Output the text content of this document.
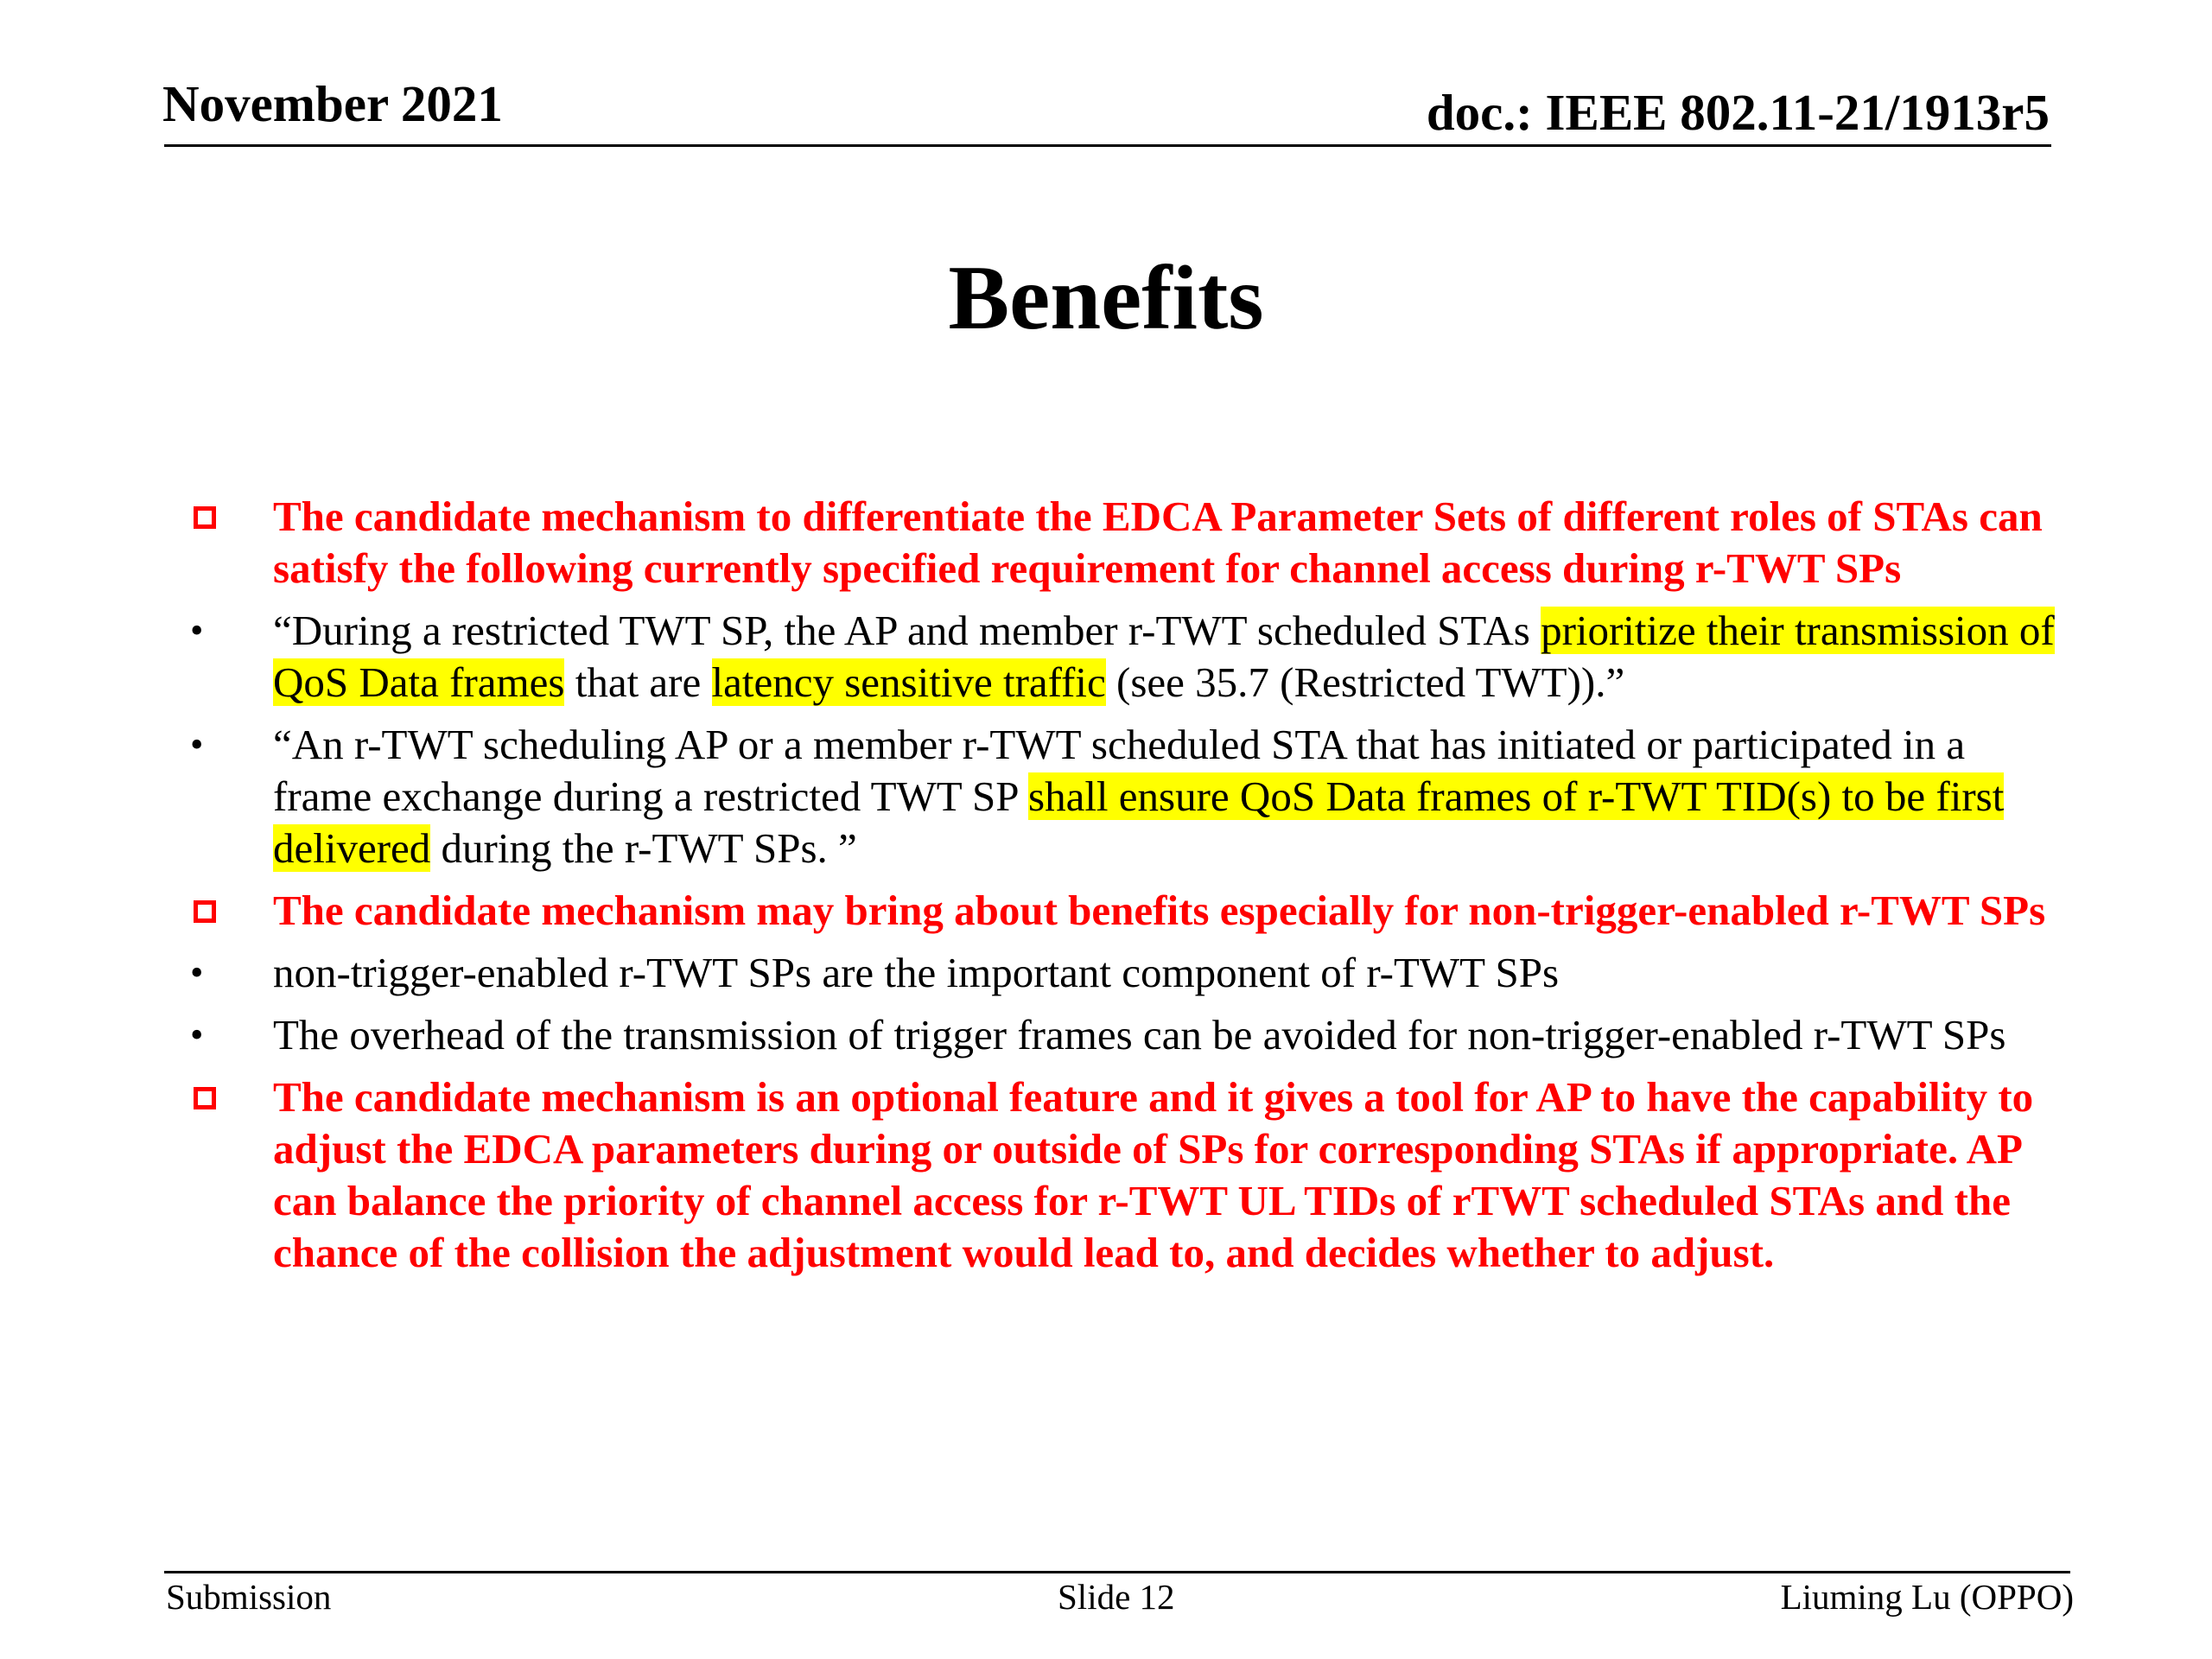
November 2021	doc.: IEEE 802.11-21/1913r5
Benefits
The candidate mechanism to differentiate the EDCA Parameter Sets of different roles of STAs can satisfy the following currently specified requirement for channel access during r-TWT SPs
• “During a restricted TWT SP, the AP and member r-TWT scheduled STAs prioritize their transmission of QoS Data frames that are latency sensitive traffic (see 35.7 (Restricted TWT)).”
• “An r-TWT scheduling AP or a member r-TWT scheduled STA that has initiated or participated in a frame exchange during a restricted TWT SP shall ensure QoS Data frames of r-TWT TID(s) to be first delivered during the r-TWT SPs. ”
The candidate mechanism may bring about benefits especially for non-trigger-enabled r-TWT SPs
• non-trigger-enabled r-TWT SPs are the important component of r-TWT SPs
• The overhead of the transmission of trigger frames can be avoided for non-trigger-enabled r-TWT SPs
The candidate mechanism is an optional feature and it gives a tool for AP to have the capability to adjust the EDCA parameters during or outside of SPs for corresponding STAs if appropriate. AP can balance the priority of channel access for r-TWT UL TIDs of rTWT scheduled STAs and the chance of the collision the adjustment would lead to, and decides whether to adjust.
Submission	Slide 12	Liuming Lu (OPPO)
